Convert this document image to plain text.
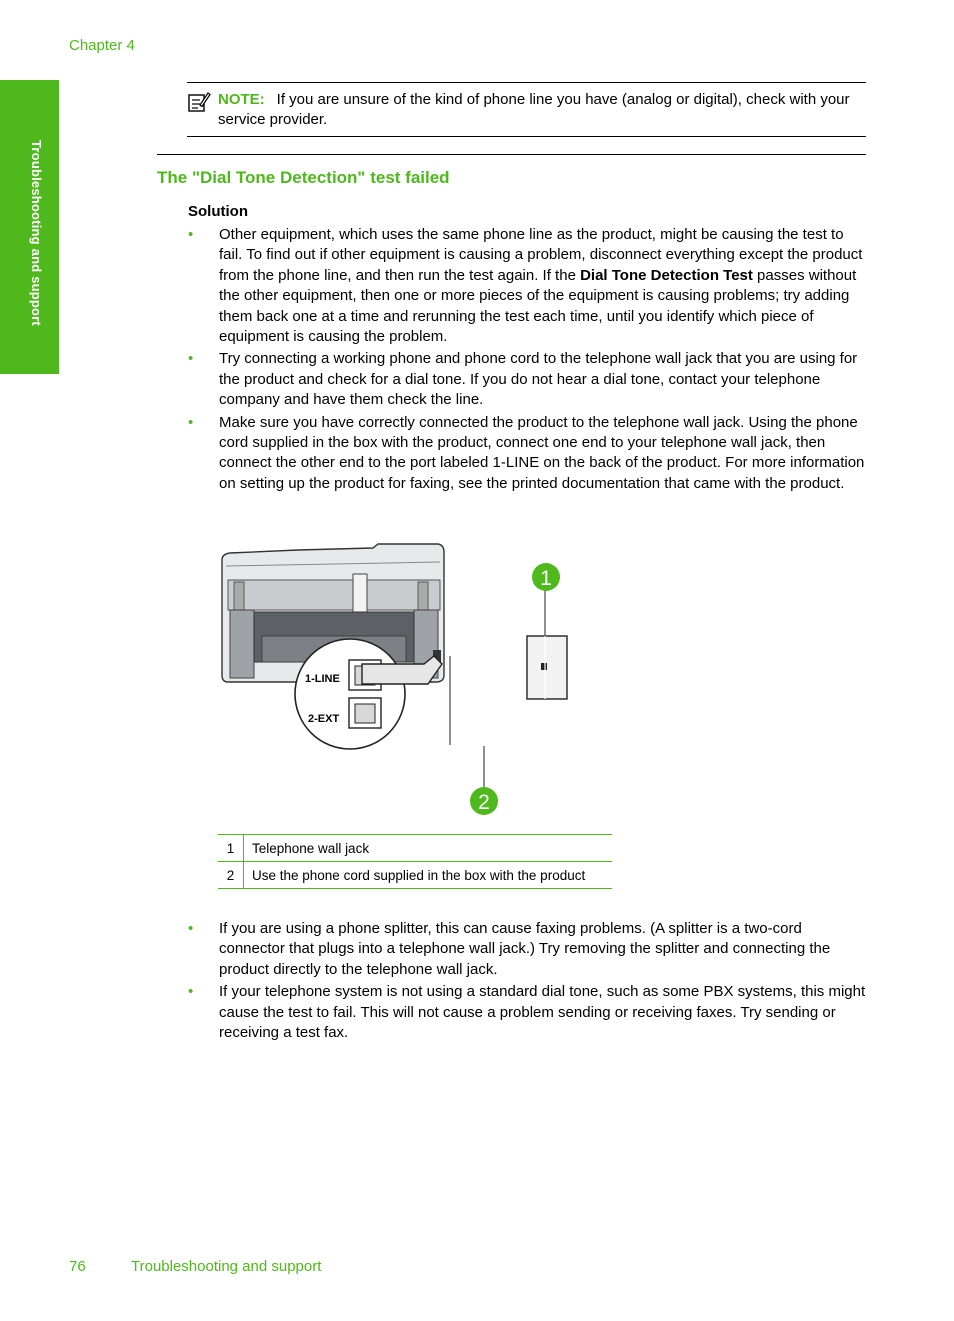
Chapter 4
Troubleshooting and support
NOTE: If you are unsure of the kind of phone line you have (analog or digital), check with your service provider.
The "Dial Tone Detection" test failed
Solution
• Other equipment, which uses the same phone line as the product, might be causing the test to fail. To find out if other equipment is causing a problem, disconnect everything except the product from the phone line, and then run the test again. If the Dial Tone Detection Test passes without the other equipment, then one or more pieces of the equipment is causing problems; try adding them back one at a time and rerunning the test each time, until you identify which piece of equipment is causing the problem.
• Try connecting a working phone and phone cord to the telephone wall jack that you are using for the product and check for a dial tone. If you do not hear a dial tone, contact your telephone company and have them check the line.
• Make sure you have correctly connected the product to the telephone wall jack. Using the phone cord supplied in the box with the product, connect one end to your telephone wall jack, then connect the other end to the port labeled 1-LINE on the back of the product. For more information on setting up the product for faxing, see the printed documentation that came with the product.
1-LINE
2-EXT
1
2
1	Telephone wall jack
2	Use the phone cord supplied in the box with the product
• If you are using a phone splitter, this can cause faxing problems. (A splitter is a two-cord connector that plugs into a telephone wall jack.) Try removing the splitter and connecting the product directly to the telephone wall jack.
• If your telephone system is not using a standard dial tone, such as some PBX systems, this might cause the test to fail. This will not cause a problem sending or receiving faxes. Try sending or receiving a test fax.
76	Troubleshooting and support
